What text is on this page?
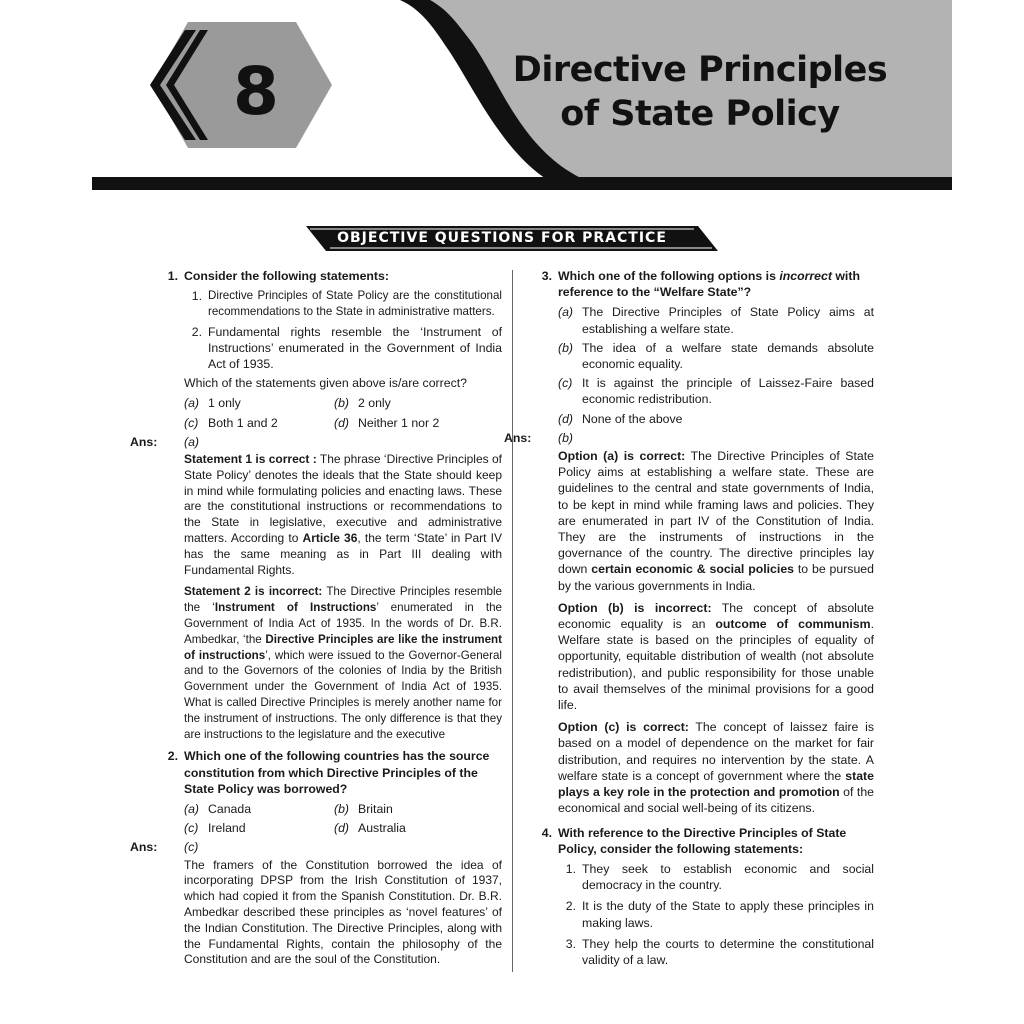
8	Directive Principles
of State Policy
OBJECTIVE QUESTIONS FOR PRACTICE
1. Consider the following statements:
1. Directive Principles of State Policy are the constitutional recommendations to the State in administrative matters.
2. Fundamental rights resemble the ‘Instrument of Instructions’ enumerated in the Government of India Act of 1935.
Which of the statements given above is/are correct?
(a) 1 only	(b) 2 only
(c) Both 1 and 2	(d) Neither 1 nor 2
Ans:	(a)
Statement 1 is correct : The phrase ‘Directive Principles of State Policy’ denotes the ideals that the State should keep in mind while formulating policies and enacting laws. These are the constitutional instructions or recommendations to the State in legislative, executive and administrative matters. According to Article 36, the term ‘State’ in Part IV has the same meaning as in Part III dealing with Fundamental Rights.
Statement 2 is incorrect: The Directive Principles resemble the ‘Instrument of Instructions’ enumerated in the Government of India Act of 1935. In the words of Dr. B.R. Ambedkar, ‘the Directive Principles are like the instrument of instructions’, which were issued to the Governor-General and to the Governors of the colonies of India by the British Government under the Government of India Act of 1935. What is called Directive Principles is merely another name for the instrument of instructions. The only difference is that they are instructions to the legislature and the executive
2. Which one of the following countries has the source constitution from which Directive Principles of the State Policy was borrowed?
(a) Canada	(b) Britain
(c) Ireland	(d) Australia
Ans:	(c)
The framers of the Constitution borrowed the idea of incorporating DPSP from the Irish Constitution of 1937, which had copied it from the Spanish Constitution. Dr. B.R. Ambedkar described these principles as ‘novel features’ of the Indian Constitution. The Directive Principles, along with the Fundamental Rights, contain the philosophy of the Constitution and are the soul of the Constitution.
3. Which one of the following options is incorrect with reference to the “Welfare State”?
(a) The Directive Principles of State Policy aims at establishing a welfare state.
(b) The idea of a welfare state demands absolute economic equality.
(c) It is against the principle of Laissez-Faire based economic redistribution.
(d) None of the above
Ans:	(b)
Option (a) is correct: The Directive Principles of State Policy aims at establishing a welfare state. These are guidelines to the central and state governments of India, to be kept in mind while framing laws and policies. They are enumerated in part IV of the Constitution of India. They are the instruments of instructions in the governance of the country. The directive principles lay down certain economic & social policies to be pursued by the various governments in India.
Option (b) is incorrect: The concept of absolute economic equality is an outcome of communism. Welfare state is based on the principles of equality of opportunity, equitable distribution of wealth (not absolute redistribution), and public responsibility for those unable to avail themselves of the minimal provisions for a good life.
Option (c) is correct: The concept of laissez faire is based on a model of dependence on the market for fair distribution, and requires no intervention by the state. A welfare state is a concept of government where the state plays a key role in the protection and promotion of the economical and social well-being of its citizens.
4. With reference to the Directive Principles of State Policy, consider the following statements:
1. They seek to establish economic and social democracy in the country.
2. It is the duty of the State to apply these principles in making laws.
3. They help the courts to determine the constitutional validity of a law.
